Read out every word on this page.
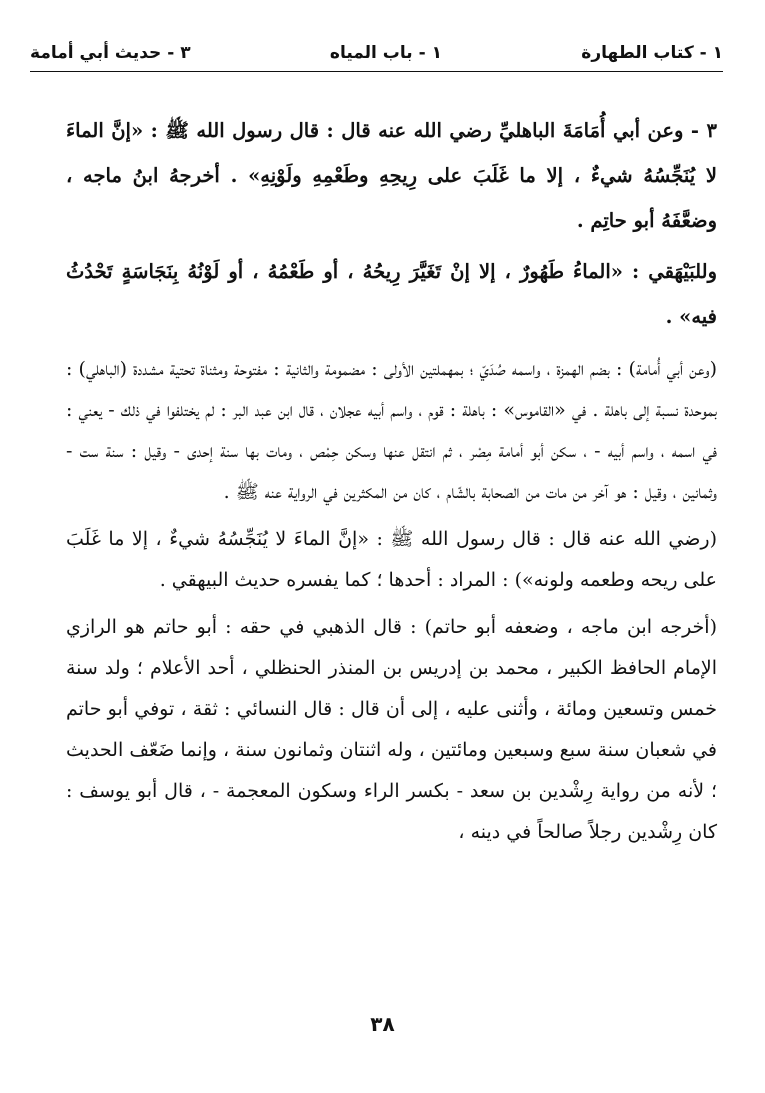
١ - كتاب الطهارة
١ - باب المياه
٣ - حديث أبي أمامة

٣ - وعن أبي أُمَامَةَ الباهليِّ رضي الله عنه قال : قال رسول الله ﷺ : «إنَّ الماءَ لا يُنَجِّسُهُ شيءٌ ، إلا ما غَلَبَ على رِيحِهِ وطَعْمِهِ ولَوْنِهِ» . أخرجهُ ابنُ ماجه ، وضعَّفَهُ أبو حاتِم .

وللبَيْهَقي : «الماءُ طَهُورٌ ، إلا إنْ تَغَيَّرَ رِيحُهُ ، أو طَعْمُهُ ، أو لَوْنُهُ بِنَجَاسَةٍ تَحْدُثُ فيه» .

(وعن أبي أُمامة) : بضم الهمزة ، واسمه صُدَيّ ؛ بمهملتين الأولى : مضمومة والثانية : مفتوحة ومثناة تحتية مشددة (الباهلي) : بموحدة نسبة إلى باهلة . في «القاموس» : باهلة : قوم ، واسم أبيه عجلان ، قال ابن عبد البر : لم يختلفوا في ذلك - يعني : في اسمه ، واسم أبيه - ، سكن أبو أمامة مِصْر ، ثم انتقل عنها وسكن حِمْص ، ومات بها سنة إحدى - وقيل : سنة ست - وثمانين ، وقيل : هو آخر من مات من الصحابة بالشّام ، كان من المكثرين في الرواية عنه ﷺ .

(رضي الله عنه قال : قال رسول الله ﷺ : «إنَّ الماءَ لا يُنَجِّسُهُ شيءٌ ، إلا ما غَلَبَ على ريحه وطعمه ولونه») : المراد : أحدها ؛ كما يفسره حديث البيهقي .

(أخرجه ابن ماجه ، وضعفه أبو حاتم) : قال الذهبي في حقه : أبو حاتم هو الرازي الإمام الحافظ الكبير ، محمد بن إدريس بن المنذر الحنظلي ، أحد الأعلام ؛ ولد سنة خمس وتسعين ومائة ، وأثنى عليه ، إلى أن قال : قال النسائي : ثقة ، توفي أبو حاتم في شعبان سنة سبع وسبعين ومائتين ، وله اثنتان وثمانون سنة ، وإنما ضَعّف الحديث ؛ لأنه من رواية رِشْدين بن سعد - بكسر الراء وسكون المعجمة - ، قال أبو يوسف : كان رِشْدين رجلاً صالحاً في دينه ،

٣٨
